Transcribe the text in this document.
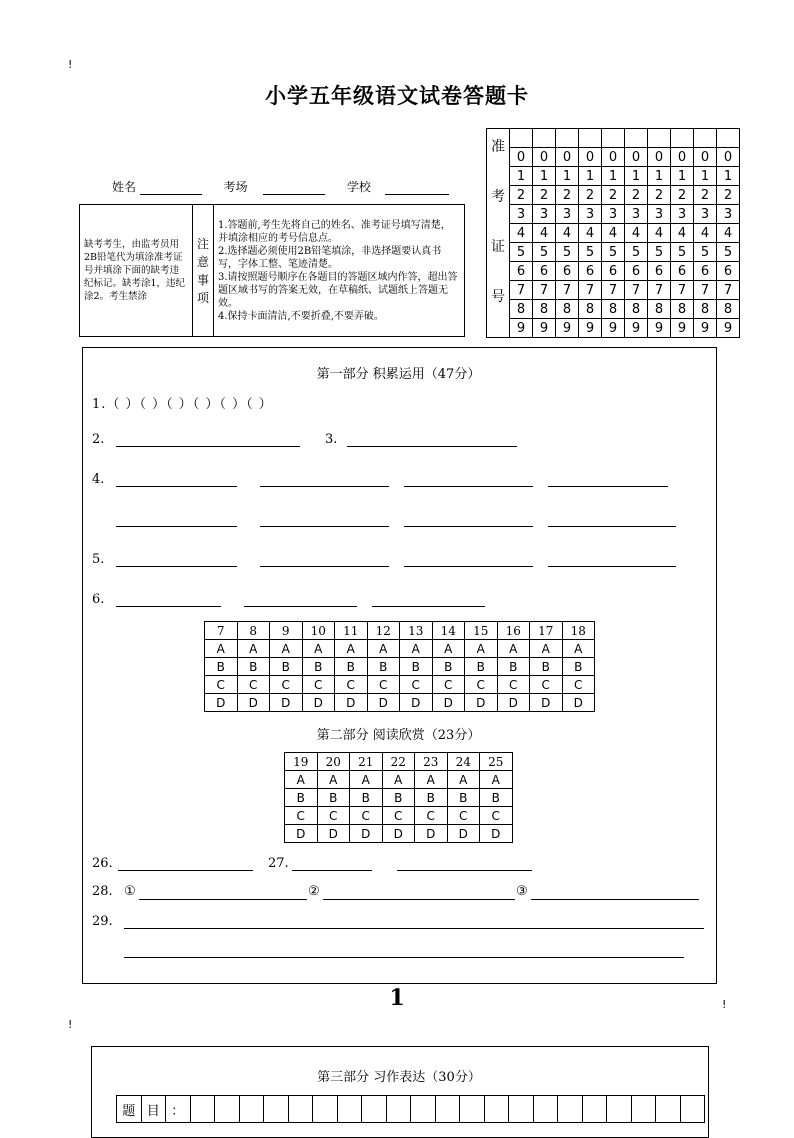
!
!
!
小学五年级语文试卷答题卡
姓名	考场	学校
缺考考生，由监考员用2B铅笔代为填涂准考证号并填涂下面的缺考违纪标记。缺考涂1，违纪涂2。考生禁涂	
注
意
事
项

1.答题前,考生先将自己的姓名、准考证号填写清楚，并填涂相应的考号信息点。
2.选择题必须使用2B铅笔填涂，非选择题要认真书写，字体工整、笔迹清楚。
3.请按照题号顺序在各题目的答题区域内作答，超出答题区域书写的答案无效，在草稿纸、试题纸上答题无效。
4.保持卡面清洁,不要折叠,不要弄破。
准
考
证
号										

	0	0	0	0	0	0	0	0	0	0
	1	1	1	1	1	1	1	1	1	1
	2	2	2	2	2	2	2	2	2	2
	3	3	3	3	3	3	3	3	3	3
	4	4	4	4	4	4	4	4	4	4
	5	5	5	5	5	5	5	5	5	5
	6	6	6	6	6	6	6	6	6	6
	7	7	7	7	7	7	7	7	7	7
	8	8	8	8	8	8	8	8	8	8
	9	9	9	9	9	9	9	9	9	9
第一部分 积累运用（47分）
1.（ ）（ ）（ ）（ ）（ ）（ ）
2.	3.
4.
5.
6.
7	8	9	10	11	12	13	14	15	16	17	18
A	A	A	A	A	A	A	A	A	A	A	A
B	B	B	B	B	B	B	B	B	B	B	B
C	C	C	C	C	C	C	C	C	C	C	C
D	D	D	D	D	D	D	D	D	D	D	D
第二部分 阅读欣赏（23分）
19	20	21	22	23	24	25
A	A	A	A	A	A	A
B	B	B	B	B	B	B
C	C	C	C	C	C	C
D	D	D	D	D	D	D
26.	27.
28. ①	②	③
29.
1
第三部分 习作表达（30分）
题	目	：																					
